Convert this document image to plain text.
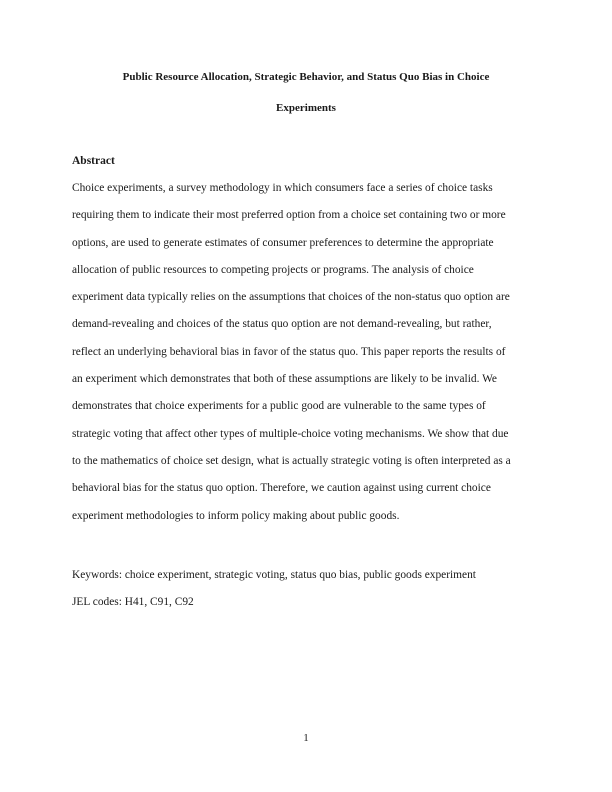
Public Resource Allocation, Strategic Behavior, and Status Quo Bias in Choice
Experiments
Abstract
Choice experiments, a survey methodology in which consumers face a series of choice tasks
requiring them to indicate their most preferred option from a choice set containing two or more
options, are used to generate estimates of consumer preferences to determine the appropriate
allocation of public resources to competing projects or programs. The analysis of choice
experiment data typically relies on the assumptions that choices of the non-status quo option are
demand-revealing and choices of the status quo option are not demand-revealing, but rather,
reflect an underlying behavioral bias in favor of the status quo. This paper reports the results of
an experiment which demonstrates that both of these assumptions are likely to be invalid. We
demonstrates that choice experiments for a public good are vulnerable to the same types of
strategic voting that affect other types of multiple-choice voting mechanisms. We show that due
to the mathematics of choice set design, what is actually strategic voting is often interpreted as a
behavioral bias for the status quo option. Therefore, we caution against using current choice
experiment methodologies to inform policy making about public goods.
Keywords: choice experiment, strategic voting, status quo bias, public goods experiment
JEL codes: H41, C91, C92
1
